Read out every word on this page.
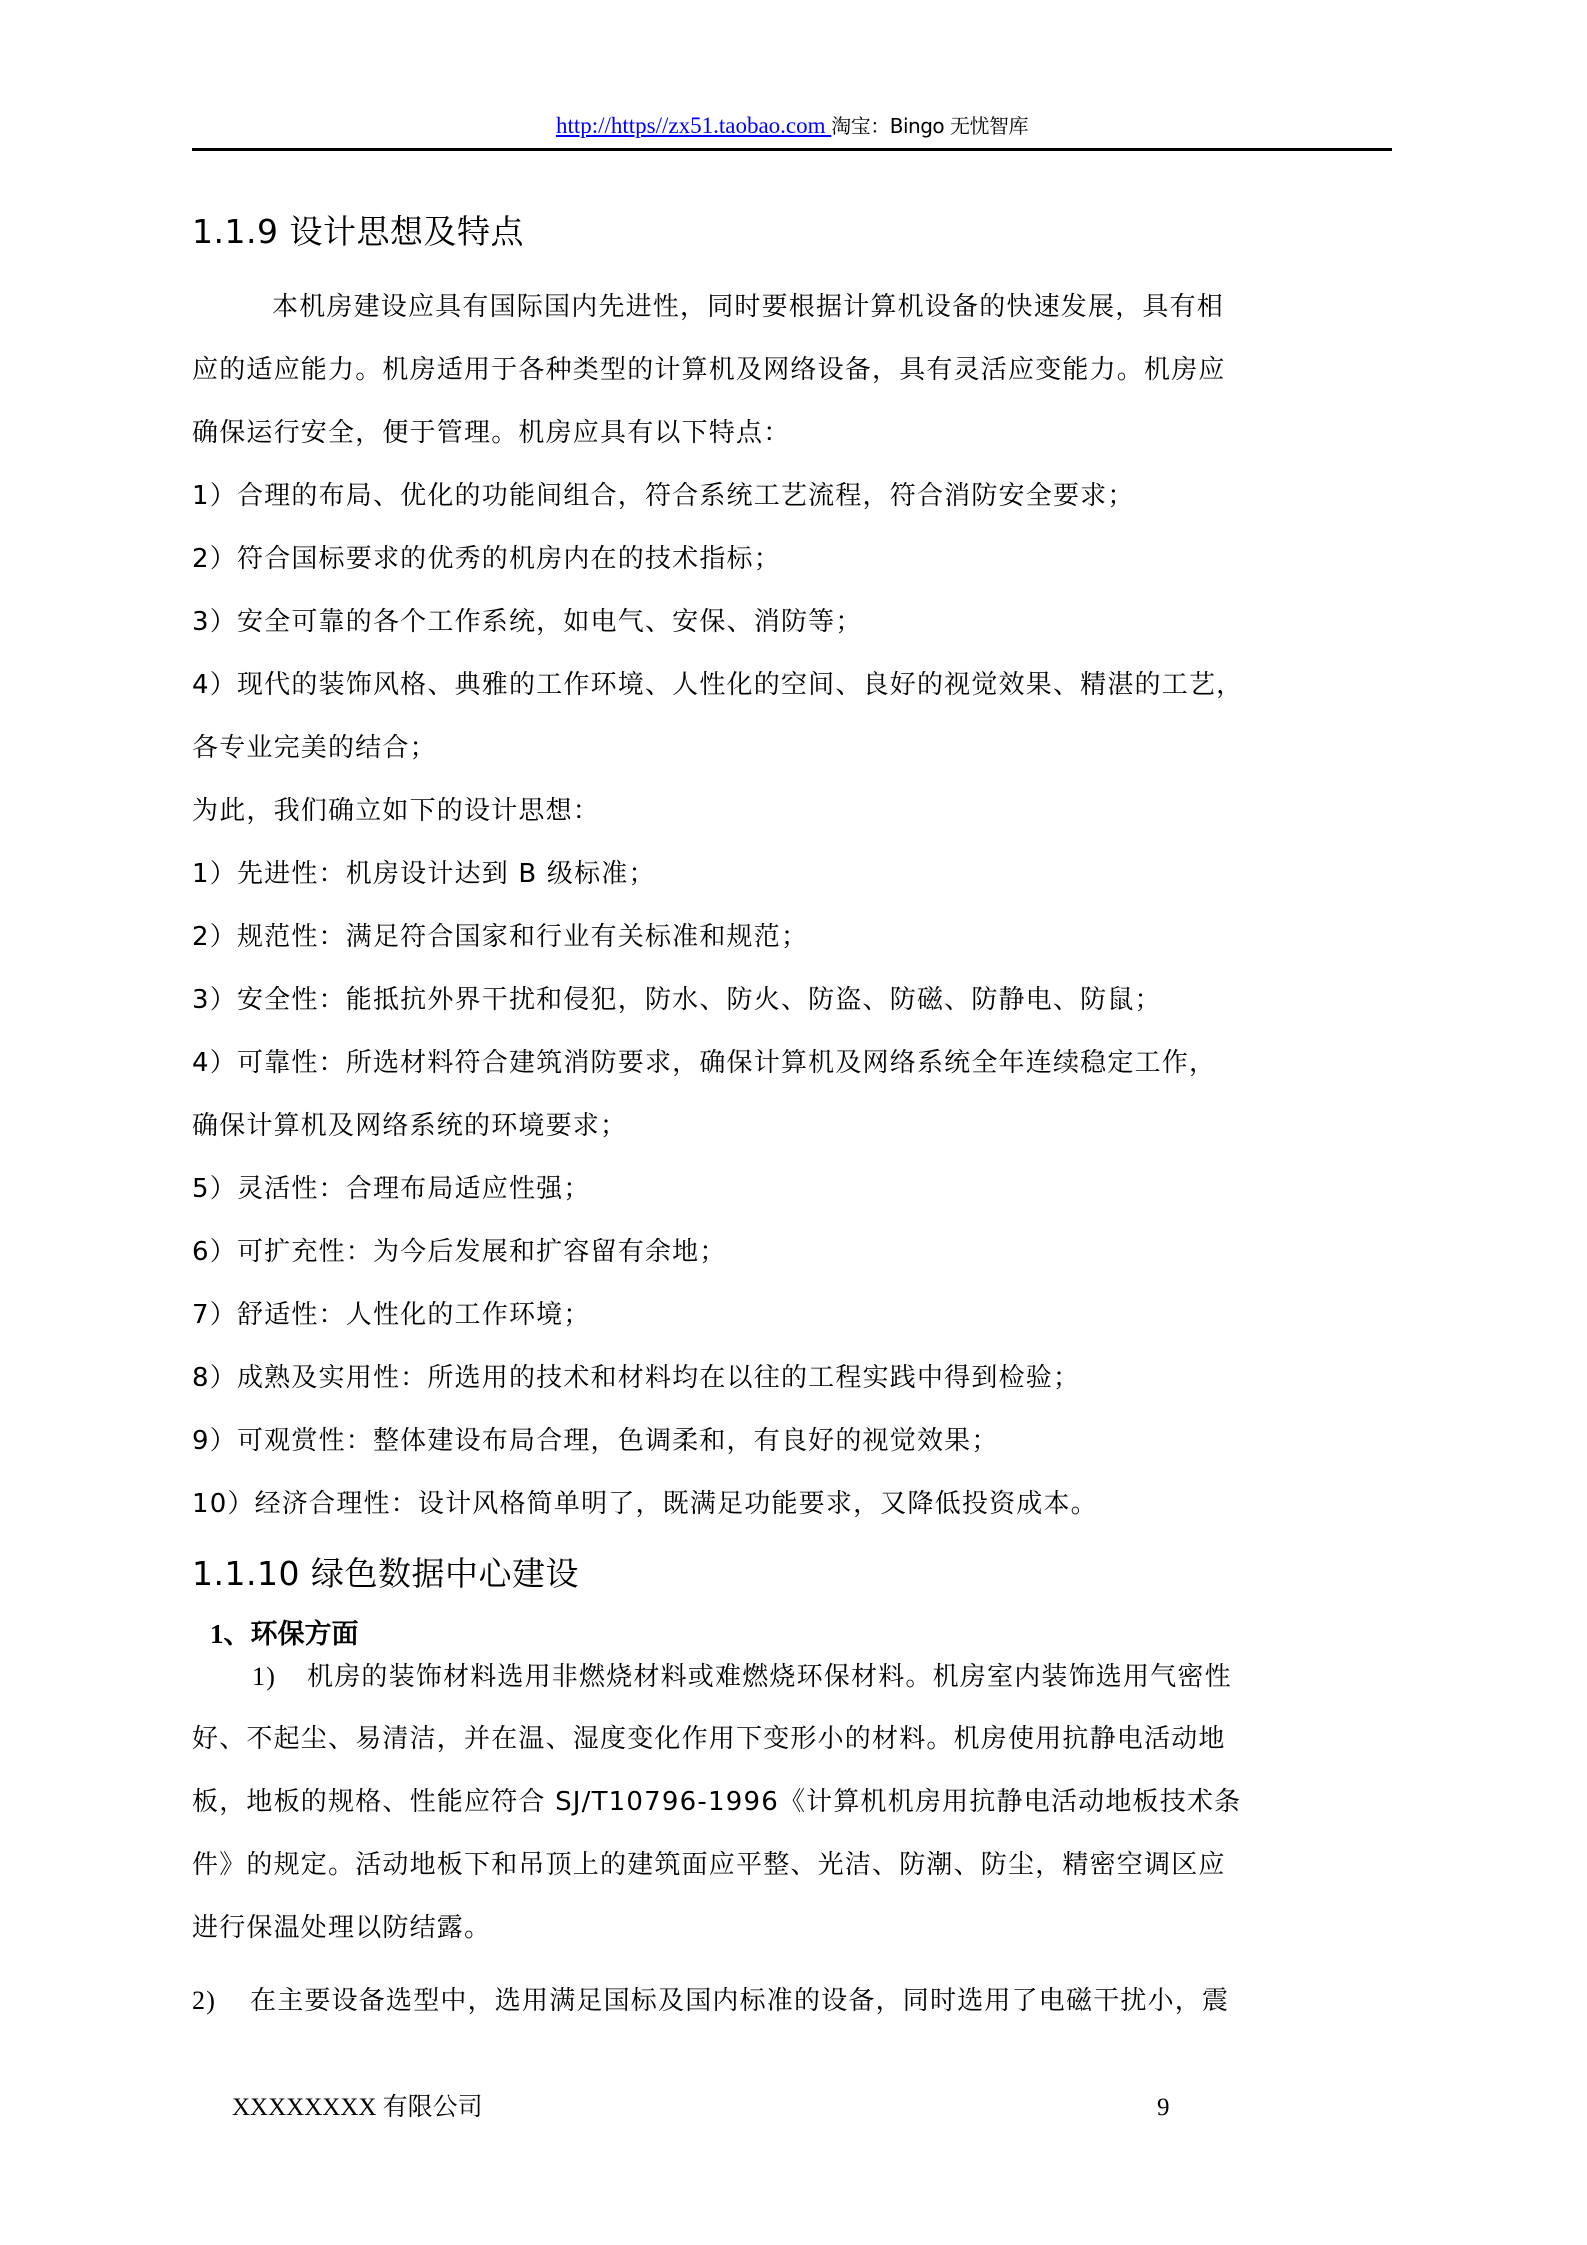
http://https//zx51.taobao.com 淘宝：Bingo 无忧智库
1.1.9 设计思想及特点
本机房建设应具有国际国内先进性，同时要根据计算机设备的快速发展，具有相
应的适应能力。机房适用于各种类型的计算机及网络设备，具有灵活应变能力。机房应
确保运行安全，便于管理。机房应具有以下特点：
1）合理的布局、优化的功能间组合，符合系统工艺流程，符合消防安全要求；
2）符合国标要求的优秀的机房内在的技术指标；
3）安全可靠的各个工作系统，如电气、安保、消防等；
4）现代的装饰风格、典雅的工作环境、人性化的空间、良好的视觉效果、精湛的工艺，
各专业完美的结合；
为此，我们确立如下的设计思想：
1）先进性：机房设计达到 B 级标准；
2）规范性：满足符合国家和行业有关标准和规范；
3）安全性：能抵抗外界干扰和侵犯，防水、防火、防盗、防磁、防静电、防鼠；
4）可靠性：所选材料符合建筑消防要求，确保计算机及网络系统全年连续稳定工作，
确保计算机及网络系统的环境要求；
5）灵活性：合理布局适应性强；
6）可扩充性：为今后发展和扩容留有余地；
7）舒适性：人性化的工作环境；
8）成熟及实用性：所选用的技术和材料均在以往的工程实践中得到检验；
9）可观赏性：整体建设布局合理，色调柔和，有良好的视觉效果；
10）经济合理性：设计风格简单明了，既满足功能要求，又降低投资成本。
1.1.10 绿色数据中心建设
1、环保方面
1) 机房的装饰材料选用非燃烧材料或难燃烧环保材料。机房室内装饰选用气密性
好、不起尘、易清洁，并在温、湿度变化作用下变形小的材料。机房使用抗静电活动地
板，地板的规格、性能应符合 SJ/T10796-1996《计算机机房用抗静电活动地板技术条
件》的规定。活动地板下和吊顶上的建筑面应平整、光洁、防潮、防尘，精密空调区应
进行保温处理以防结露。
2) 在主要设备选型中，选用满足国标及国内标准的设备，同时选用了电磁干扰小，震
XXXXXXXX 有限公司	9
